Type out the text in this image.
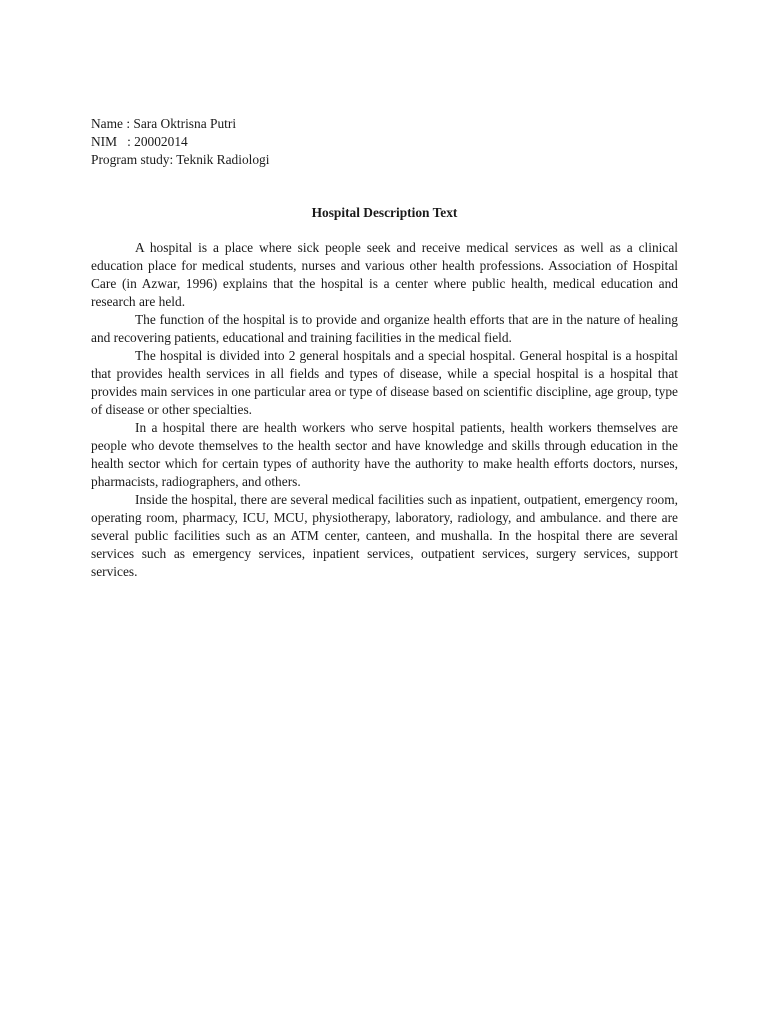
Name : Sara Oktrisna Putri
NIM   : 20002014
Program study: Teknik Radiologi
Hospital Description Text

A hospital is a place where sick people seek and receive medical services as well as a clinical education place for medical students, nurses and various other health professions. Association of Hospital Care (in Azwar, 1996) explains that the hospital is a center where public health, medical education and research are held.

The function of the hospital is to provide and organize health efforts that are in the nature of healing and recovering patients, educational and training facilities in the medical field.

The hospital is divided into 2 general hospitals and a special hospital. General hospital is a hospital that provides health services in all fields and types of disease, while a special hospital is a hospital that provides main services in one particular area or type of disease based on scientific discipline, age group, type of disease or other specialties.

In a hospital there are health workers who serve hospital patients, health workers themselves are people who devote themselves to the health sector and have knowledge and skills through education in the health sector which for certain types of authority have the authority to make health efforts doctors, nurses, pharmacists, radiographers, and others.

Inside the hospital, there are several medical facilities such as inpatient, outpatient, emergency room, operating room, pharmacy, ICU, MCU, physiotherapy, laboratory, radiology, and ambulance. and there are several public facilities such as an ATM center, canteen, and mushalla. In the hospital there are several services such as emergency services, inpatient services, outpatient services, surgery services, support services.
